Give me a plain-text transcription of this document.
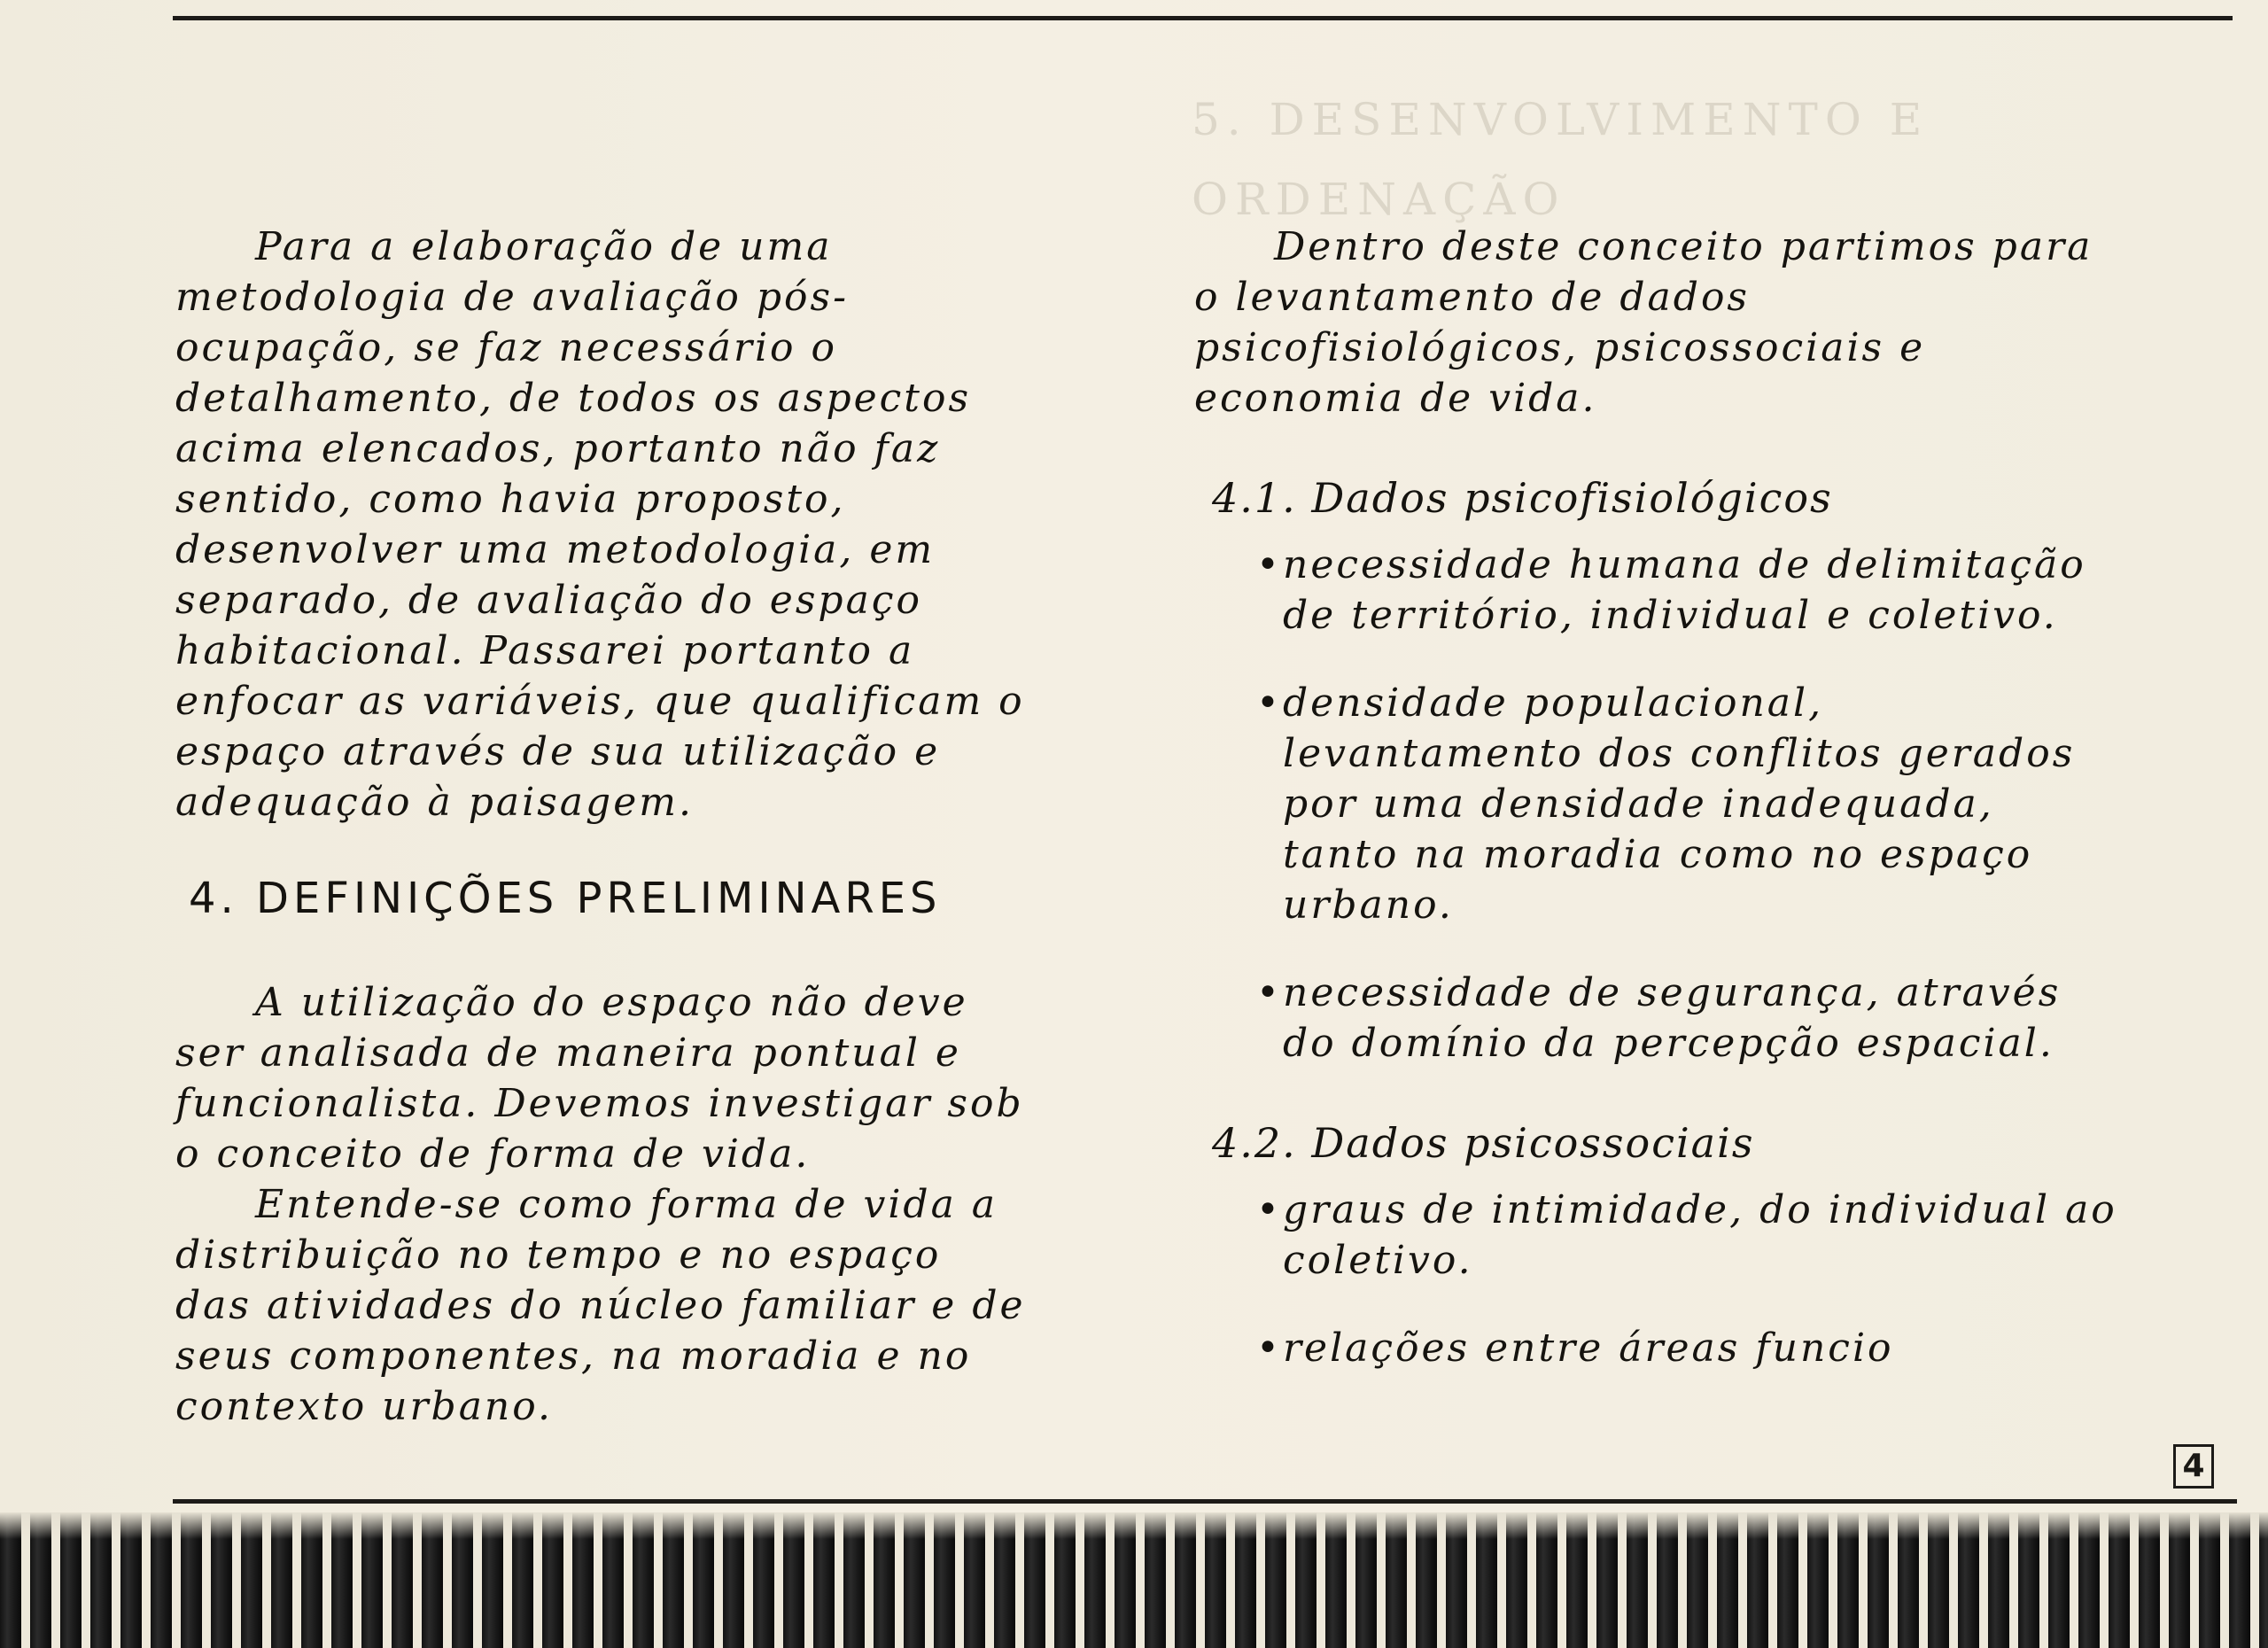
5. DESENVOLVIMENTO E ORDENAÇÃO

Para a elaboração de uma metodologia de avaliação pós-ocupação, se faz necessário o detalhamento, de todos os aspectos acima elencados, portanto não faz sentido, como havia proposto, desenvolver uma metodologia, em separado, de avaliação do espaço habitacional. Passarei portanto a enfocar as variáveis, que qualificam o espaço através de sua utilização e adequação à paisagem.

4. DEFINIÇÕES PRELIMINARES

A utilização do espaço não deve ser analisada de maneira pontual e funcionalista. Devemos investigar sob o conceito de forma de vida.

Entende-se como forma de vida a distribuição no tempo e no espaço das atividades do núcleo familiar e de seus componentes, na moradia e no contexto urbano.

Dentro deste conceito partimos para o levantamento de dados psicofisiológicos, psicossociais e economia de vida.

4.1. Dados psicofisiológicos
• necessidade humana de delimitação de território, individual e coletivo.
• densidade populacional, levantamento dos conflitos gerados por uma densidade inadequada, tanto na moradia como no espaço urbano.
• necessidade de segurança, através do domínio da percepção espacial.
4.2. Dados psicossociais
• graus de intimidade, do individual ao coletivo.
• relações entre áreas funcio
4
